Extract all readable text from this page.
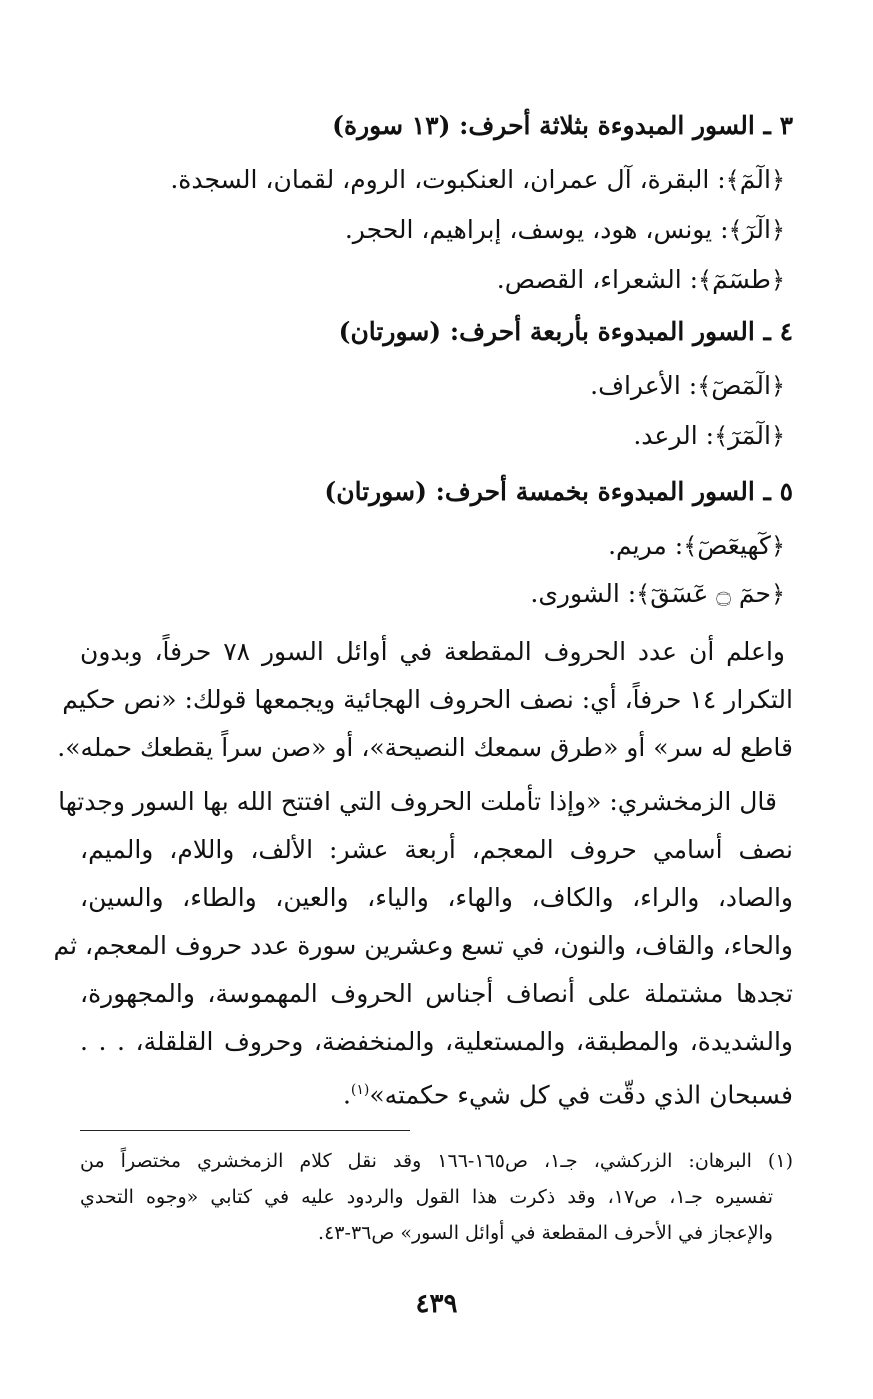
٣ ـ السور المبدوءة بثلاثة أحرف: (١٣ سورة)
﴿الٓمٓ﴾: البقرة، آل عمران، العنكبوت، الروم، لقمان، السجدة.
﴿الٓرٓ﴾: يونس، هود، يوسف، إبراهيم، الحجر.
﴿طسٓمٓ﴾: الشعراء، القصص.
٤ ـ السور المبدوءة بأربعة أحرف: (سورتان)
﴿الٓمٓصٓ﴾: الأعراف.
﴿الٓمٓرٓ﴾: الرعد.
٥ ـ السور المبدوءة بخمسة أحرف: (سورتان)
﴿كٓهيعٓصٓ﴾: مريم.
﴿حمٓ ۝ عٓسٓقٓ﴾: الشورى.
واعلم أن عدد الحروف المقطعة في أوائل السور ٧٨ حرفاً، وبدون
التكرار ١٤ حرفاً، أي: نصف الحروف الهجائية ويجمعها قولك: «نص حكيم
قاطع له سر» أو «طرق سمعك النصيحة»، أو «صن سراً يقطعك حمله».
قال الزمخشري: «وإذا تأملت الحروف التي افتتح الله بها السور وجدتها
نصف أسامي حروف المعجم، أربعة عشر: الألف، واللام، والميم،
والصاد، والراء، والكاف، والهاء، والياء، والعين، والطاء، والسين،
والحاء، والقاف، والنون، في تسع وعشرين سورة عدد حروف المعجم، ثم
تجدها مشتملة على أنصاف أجناس الحروف المهموسة، والمجهورة،
والشديدة، والمطبقة، والمستعلية، والمنخفضة، وحروف القلقلة، . . .
فسبحان الذي دقّت في كل شيء حكمته»$^{(١)}$.
(١) البرهان: الزركشي، جـ١، ص١٦٥-١٦٦ وقد نقل كلام الزمخشري مختصراً من
تفسيره جـ١، ص١٧، وقد ذكرت هذا القول والردود عليه في كتابي «وجوه التحدي
والإعجاز في الأحرف المقطعة في أوائل السور» ص٣٦-٤٣.
٤٣٩
